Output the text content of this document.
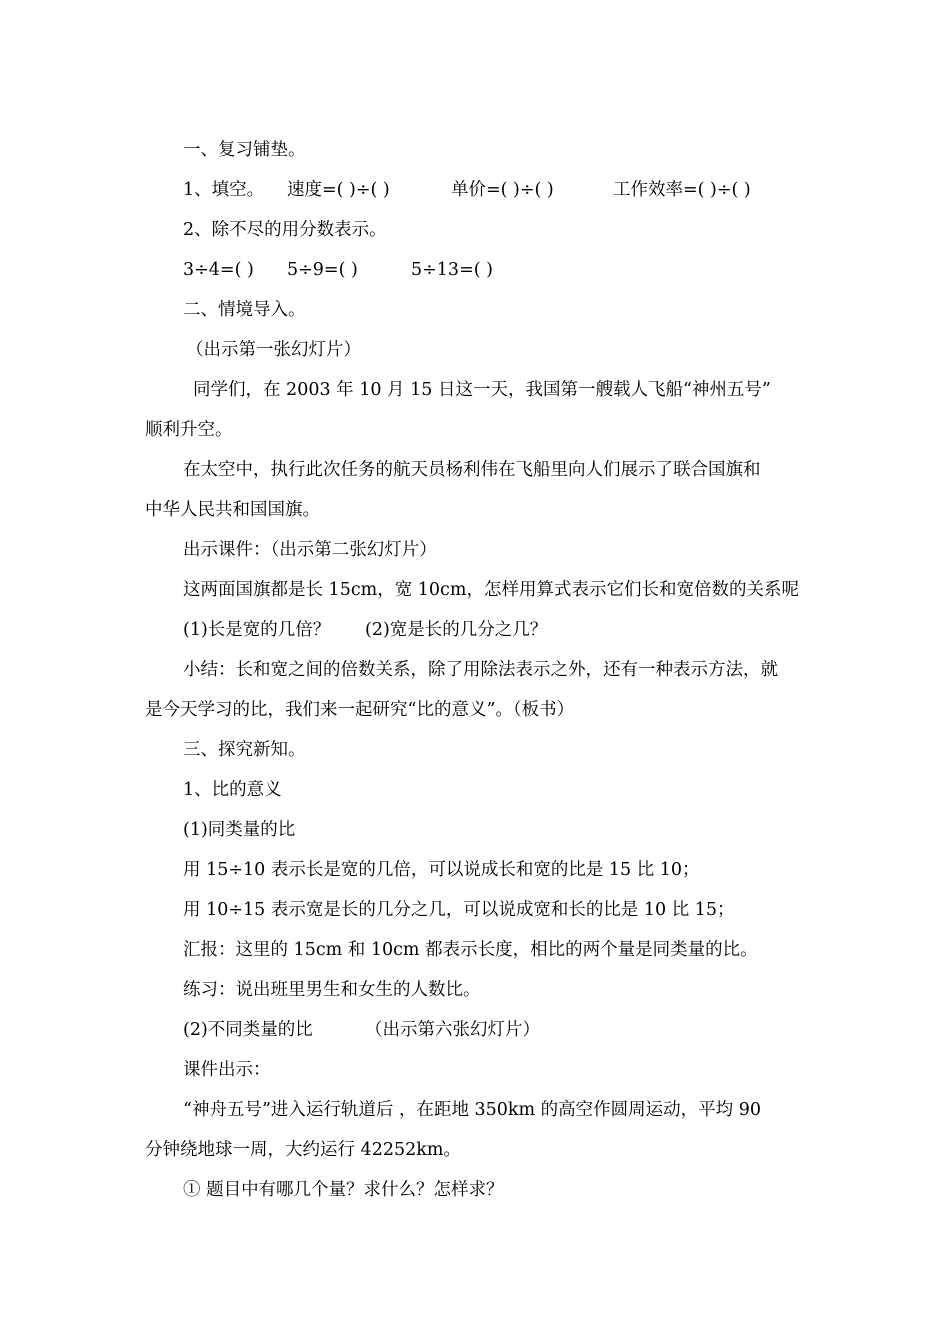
一、复习铺垫。
1、填空。 速度=( )÷( )	单价=( )÷( )	工作效率=( )÷( )
2、除不尽的用分数表示。
3÷4=( ) 5÷9=( )	5÷13=( )
二、情境导入。
（出示第一张幻灯片）
同学们，在 2003 年 10 月 15 日这一天，我国第一艘载人飞船“神州五号”
顺利升空。
在太空中，执行此次任务的航天员杨利伟在飞船里向人们展示了联合国旗和
中华人民共和国国旗。
出示课件：（出示第二张幻灯片）
这两面国旗都是长 15cm，宽 10cm，怎样用算式表示它们长和宽倍数的关系呢
(1)长是宽的几倍？ (2)宽是长的几分之几？
小结：长和宽之间的倍数关系，除了用除法表示之外，还有一种表示方法，就
是今天学习的比，我们来一起研究“比的意义”。（板书）
三、探究新知。
1、比的意义
(1)同类量的比
用 15÷10 表示长是宽的几倍，可以说成长和宽的比是 15 比 10；
用 10÷15 表示宽是长的几分之几，可以说成宽和长的比是 10 比 15；
汇报：这里的 15cm 和 10cm 都表示长度，相比的两个量是同类量的比。
练习：说出班里男生和女生的人数比。
(2)不同类量的比	（出示第六张幻灯片）
课件出示：
“神舟五号”进入运行轨道后 ，在距地 350km 的高空作圆周运动，平均 90
分钟绕地球一周，大约运行 42252km。
① 题目中有哪几个量？求什么？怎样求？
